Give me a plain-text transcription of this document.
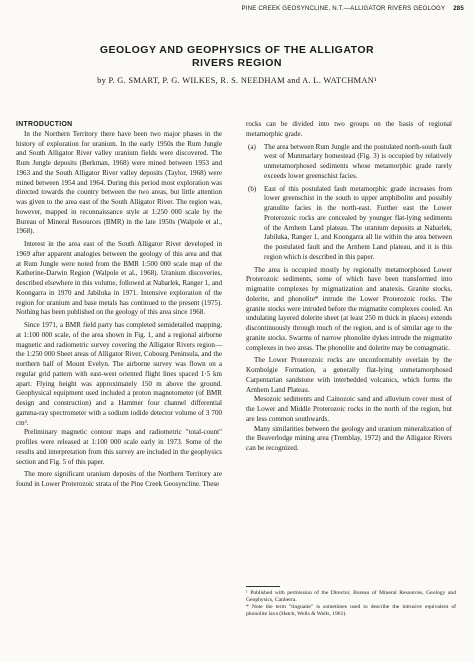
PINE CREEK GEOSYNCLINE, N.T.—ALLIGATOR RIVERS GEOLOGY 285
GEOLOGY AND GEOPHYSICS OF THE ALLIGATOR
RIVERS REGION
by P. G. SMART, P. G. WILKES, R. S. NEEDHAM and A. L. WATCHMAN¹
INTRODUCTION

In the Northern Territory there have been two major phases in the history of exploration for uranium. In the early 1950s the Rum Jungle and South Alligator River valley uranium fields were discovered. The Rum Jungle deposits (Berkman, 1968) were mined between 1953 and 1963 and the South Alligator River valley deposits (Taylor, 1968) were mined between 1954 and 1964. During this period most exploration was directed towards the country between the two areas, but little attention was given to the area east of the South Alligator River. The region was, however, mapped in reconnaissance style at 1:250 000 scale by the Bureau of Mineral Resources (BMR) in the late 1950s (Walpole et al., 1968).

Interest in the area east of the South Alligator River developed in 1969 after apparent analogies between the geology of this area and that at Rum Jungle were noted from the BMR 1:500 000 scale map of the Katherine-Darwin Region (Walpole et al., 1968). Uranium discoveries, described elsewhere in this volume, followed at Nabarlek, Ranger 1, and Koongarra in 1970 and Jabiluka in 1971. Intensive exploration of the region for uranium and base metals has continued to the present (1975). Nothing has been published on the geology of this area since 1968.

Since 1971, a BMR field party has completed semidetailed mapping, at 1:100 000 scale, of the area shown in Fig. 1, and a regional airborne magnetic and radiometric survey covering the Alligator Rivers region—the 1:250 000 Sheet areas of Alligator River, Cobourg Peninsula, and the northern half of Mount Evelyn. The airborne survey was flown on a regular grid pattern with east-west oriented flight lines spaced 1·5 km apart. Flying height was approximately 150 m above the ground. Geophysical equipment used included a proton magnetometer (of BMR design and construction) and a Hammer four channel differential gamma-ray spectrometer with a sodium iodide detector volume of 3 700 cm³.

Preliminary magnetic contour maps and radiometric "total-count" profiles were released at 1:100 000 scale early in 1973. Some of the results and interpretation from this survey are included in the geophysics section and Fig. 5 of this paper.

The more significant uranium deposits of the Northern Territory are found in Lower Proterozoic strata of the Pine Creek Geosyncline. These

rocks can be divided into two groups on the basis of regional metamorphic grade.

(a)	The area between Rum Jungle and the postulated north-south fault west of Munmarlary homestead (Fig. 3) is occupied by relatively unmetamorphosed sediments whose metamorphic grade rarely exceeds lower greenschist facies.
(b)	East of this postulated fault metamorphic grade increases from lower greenschist in the south to upper amphibolite and possibly granulite facies in the north-east. Further east the Lower Proterozoic rocks are concealed by younger flat-lying sediments of the Arnhem Land plateau. The uranium deposits at Nabarlek, Jabiluka, Ranger 1, and Koongarra all lie within the area between the postulated fault and the Arnhem Land plateau, and it is this region which is described in this paper.

The area is occupied mostly by regionally metamorphosed Lower Proterozoic sediments, some of which have been transformed into migmatite complexes by migmatization and anatexis. Granite stocks, dolerite, and phonolite* intrude the Lower Proterozoic rocks. The granite stocks were intruded before the migmatite complexes cooled. An undulating layered dolerite sheet (at least 250 m thick in places) extends discontinuously through much of the region, and is of similar age to the granite stocks. Swarms of narrow phonolite dykes intrude the migmatite complexes in two areas. The phonolite and dolerite may be comagmatic.

The Lower Proterozoic rocks are unconformably overlain by the Kombolgie Formation, a generally flat-lying unmetamorphosed Carpentarian sandstone with interbedded volcanics, which forms the Arnhem Land Plateau.

Mesozoic sediments and Cainozoic sand and alluvium cover most of the Lower and Middle Proterozoic rocks in the north of the region, but are less common southwards.

Many similarities between the geology and uranium mineralization of the Beaverlodge mining area (Tremblay, 1972) and the Alligator Rivers can be recognized.

¹ Published with permission of the Director, Bureau of Mineral Resources, Geology and Geophysics, Canberra.

* Note the term "tinguaite" is sometimes used to describe the intrusive equivalent of phonolite lava (Hatch, Wells & Wells, 1961).
